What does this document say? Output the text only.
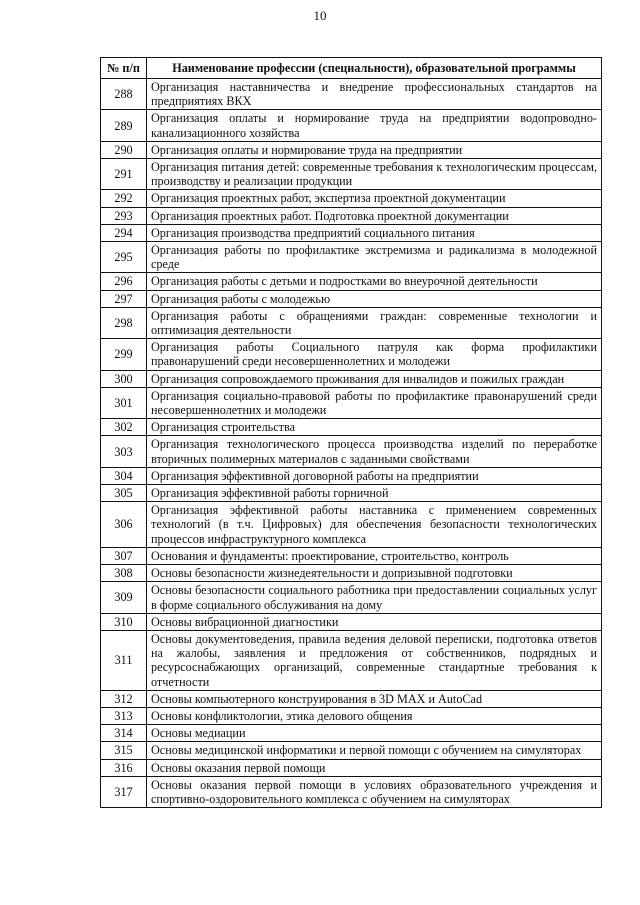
10
№ п/п	Наименование профессии (специальности), образовательной программы
288	Организация наставничества и внедрение профессиональных стандартов на предприятиях ВКХ
289	Организация оплаты и нормирование труда на предприятии водопроводно-канализационного хозяйства
290	Организация оплаты и нормирование труда на предприятии
291	Организация питания детей: современные требования к технологическим процессам, производству и реализации продукции
292	Организация проектных работ, экспертиза проектной документации
293	Организация проектных работ. Подготовка проектной документации
294	Организация производства предприятий социального питания
295	Организация работы по профилактике экстремизма и радикализма в молодежной среде
296	Организация работы с детьми и подростками во внеурочной деятельности
297	Организация работы с молодежью
298	Организация работы с обращениями граждан: современные технологии и оптимизация деятельности
299	Организация работы Социального патруля как форма профилактики правонарушений среди несовершеннолетних и молодежи
300	Организация сопровождаемого проживания для инвалидов и пожилых граждан
301	Организация социально-правовой работы по профилактике правонарушений среди несовершеннолетних и молодежи
302	Организация строительства
303	Организация технологического процесса производства изделий по переработке вторичных полимерных материалов с заданными свойствами
304	Организация эффективной договорной работы на предприятии
305	Организация эффективной работы горничной
306	Организация эффективной работы наставника с применением современных технологий (в т.ч. Цифровых) для обеспечения безопасности технологических процессов инфраструктурного комплекса
307	Основания и фундаменты: проектирование, строительство, контроль
308	Основы безопасности жизнедеятельности и допризывной подготовки
309	Основы безопасности социального работника при предоставлении социальных услуг в форме социального обслуживания на дому
310	Основы вибрационной диагностики
311	Основы документоведения, правила ведения деловой переписки, подготовка ответов на жалобы, заявления и предложения от собственников, подрядных и ресурсоснабжающих организаций, современные стандартные требования к отчетности
312	Основы компьютерного конструирования в 3D MAX и AutoCad
313	Основы конфликтологии, этика делового общения
314	Основы медиации
315	Основы медицинской информатики и первой помощи с обучением на симуляторах
316	Основы оказания первой помощи
317	Основы оказания первой помощи в условиях образовательного учреждения и спортивно-оздоровительного комплекса с обучением на симуляторах
